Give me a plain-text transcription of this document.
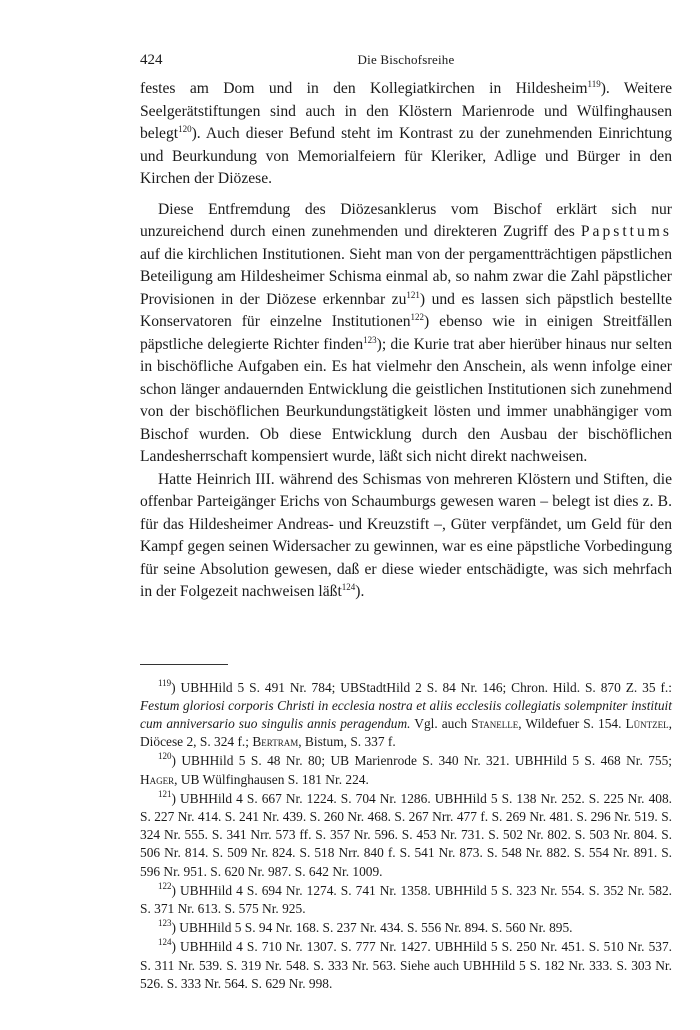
424	Die Bischofsreihe

festes am Dom und in den Kollegiatkirchen in Hildesheim$^{119}$). Weitere Seelgerätstiftungen sind auch in den Klöstern Marienrode und Wülfinghausen belegt$^{120}$). Auch dieser Befund steht im Kontrast zu der zunehmenden Einrichtung und Beurkundung von Memorialfeiern für Kleriker, Adlige und Bürger in den Kirchen der Diözese.

Diese Entfremdung des Diözesanklerus vom Bischof erklärt sich nur unzureichend durch einen zunehmenden und direkteren Zugriff des Papsttums auf die kirchlichen Institutionen. Sieht man von der pergamentträchtigen päpstlichen Beteiligung am Hildesheimer Schisma einmal ab, so nahm zwar die Zahl päpstlicher Provisionen in der Diözese erkennbar $zu^{121}$) und es lassen sich päpstlich bestellte Konservatoren für einzelne Institutionen$^{122}$) ebenso wie in einigen Streitfällen päpstliche delegierte Richter finden$^{123}$); die Kurie trat aber hierüber hinaus nur selten in bischöfliche Aufgaben ein. Es hat vielmehr den Anschein, als wenn infolge einer schon länger andauernden Entwicklung die geistlichen Institutionen sich zunehmend von der bischöflichen Beurkundungstätigkeit lösten und immer unabhängiger vom Bischof wurden. Ob diese Entwicklung durch den Ausbau der bischöflichen Landesherrschaft kompensiert wurde, läßt sich nicht direkt nachweisen.

Hatte Heinrich III. während des Schismas von mehreren Klöstern und Stiften, die offenbar Parteigänger Erichs von Schaumburgs gewesen waren – belegt ist dies z. B. für das Hildesheimer Andreas- und Kreuzstift –, Güter verpfändet, um Geld für den Kampf gegen seinen Widersacher zu gewinnen, war es eine päpstliche Vorbedingung für seine Absolution gewesen, daß er diese wieder entschädigte, was sich mehrfach in der Folgezeit nachweisen läßt$^{124}$).

$^{119}$) UBHHild 5 S. 491 Nr. 784; UBStadtHild 2 S. 84 Nr. 146; Chron. Hild. S. 870 Z. 35 f.: Festum gloriosi corporis Christi in ecclesia nostra et aliis ecclesiis collegiatis solempniter instituit cum anniversario suo singulis annis peragendum. Vgl. auch Stanelle, Wildefuer S. 154. Lüntzel, Diöcese 2, S. 324 f.; Bertram, Bistum, S. 337 f.

$^{120}$) UBHHild 5 S. 48 Nr. 80; UB Marienrode S. 340 Nr. 321. UBHHild 5 S. 468 Nr. 755; Hager, UB Wülfinghausen S. 181 Nr. 224.

$^{121}$) UBHHild 4 S. 667 Nr. 1224. S. 704 Nr. 1286. UBHHild 5 S. 138 Nr. 252. S. 225 Nr. 408. S. 227 Nr. 414. S. 241 Nr. 439. S. 260 Nr. 468. S. 267 Nrr. 477 f. S. 269 Nr. 481. S. 296 Nr. 519. S. 324 Nr. 555. S. 341 Nrr. 573 ff. S. 357 Nr. 596. S. 453 Nr. 731. S. 502 Nr. 802. S. 503 Nr. 804. S. 506 Nr. 814. S. 509 Nr. 824. S. 518 Nrr. 840 f. S. 541 Nr. 873. S. 548 Nr. 882. S. 554 Nr. 891. S. 596 Nr. 951. S. 620 Nr. 987. S. 642 Nr. 1009.

$^{122}$) UBHHild 4 S. 694 Nr. 1274. S. 741 Nr. 1358. UBHHild 5 S. 323 Nr. 554. S. 352 Nr. 582. S. 371 Nr. 613. S. 575 Nr. 925.

$^{123}$) UBHHild 5 S. 94 Nr. 168. S. 237 Nr. 434. S. 556 Nr. 894. S. 560 Nr. 895.

$^{124}$) UBHHild 4 S. 710 Nr. 1307. S. 777 Nr. 1427. UBHHild 5 S. 250 Nr. 451. S. 510 Nr. 537. S. 311 Nr. 539. S. 319 Nr. 548. S. 333 Nr. 563. Siehe auch UBHHild 5 S. 182 Nr. 333. S. 303 Nr. 526. S. 333 Nr. 564. S. 629 Nr. 998.
